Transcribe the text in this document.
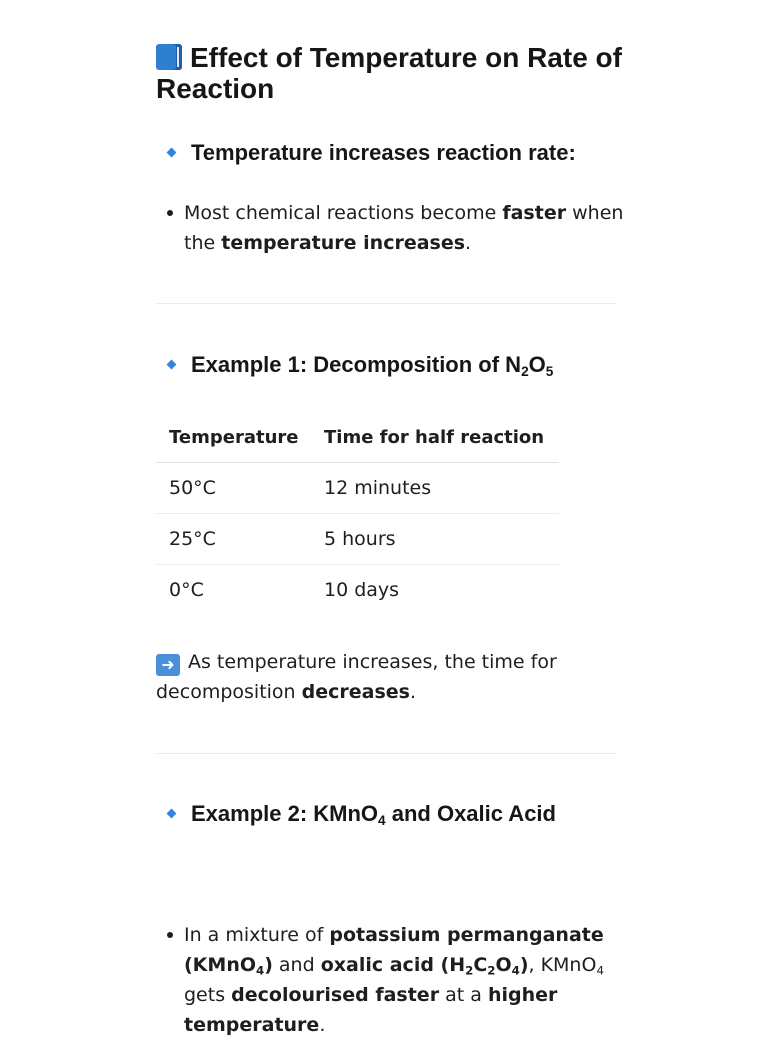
Effect of Temperature on Rate of Reaction
Temperature increases reaction rate:
Most chemical reactions become faster when the temperature increases.
Example 1: Decomposition of $N_2O_5$
Temperature	Time for half reaction
50°C	12 minutes
25°C	5 hours
0°C	10 days
➜ As temperature increases, the time for decomposition decreases.
Example 2: KMnO$_4$ and Oxalic Acid
In a mixture of potassium permanganate (KMnO$_4$) and oxalic acid $(H_2C_2O_4)$, KMnO$_4$ gets decolourised faster at a higher temperature.
